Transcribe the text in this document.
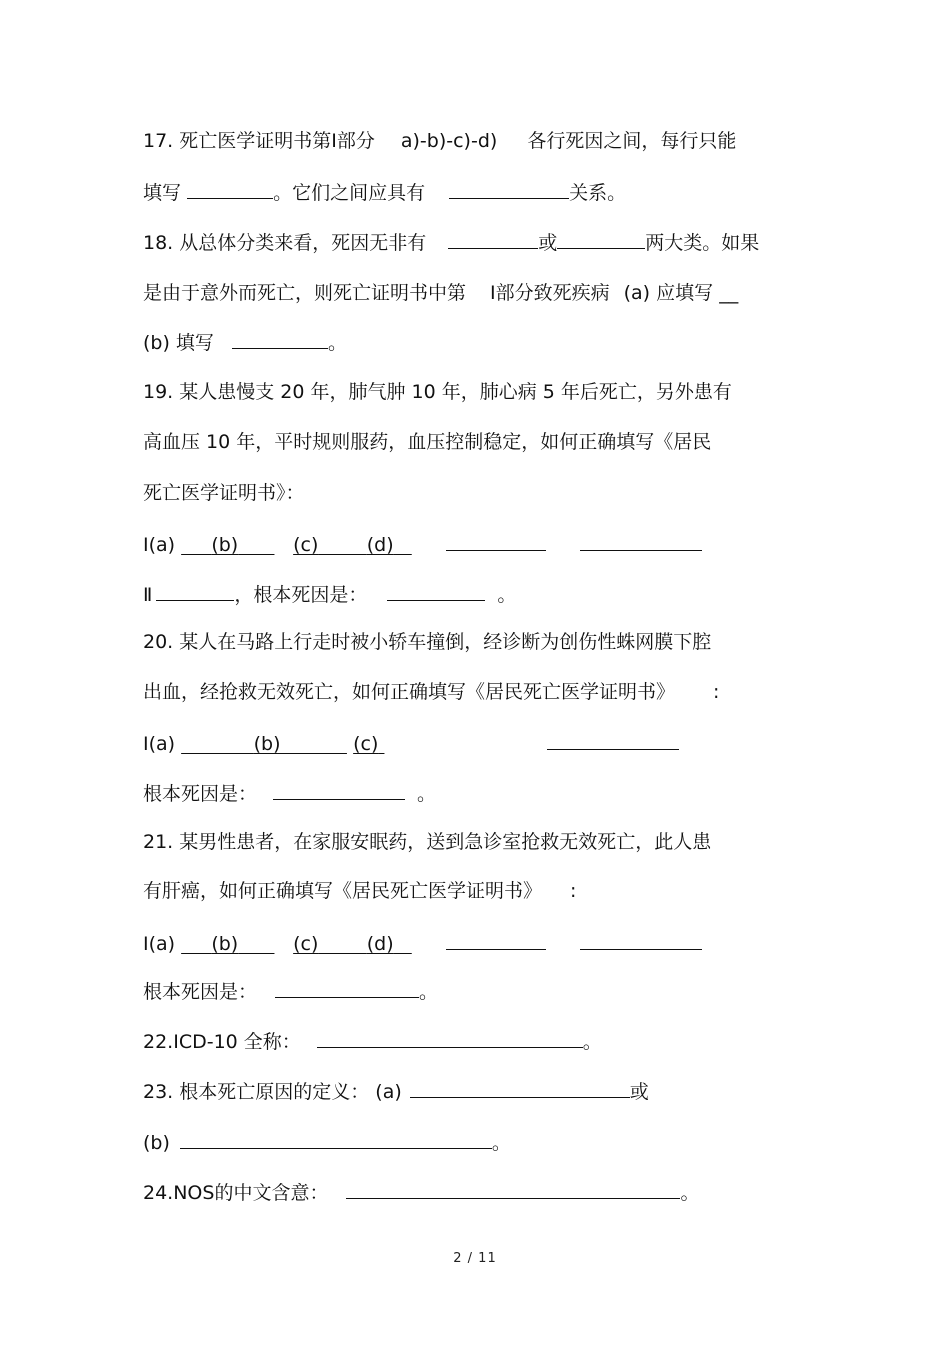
17. 死亡医学证明书第Ⅰ部分 a)-b)-c)-d) 各行死因之间，每行只能
填写	。它们之间应具有	关系。
18. 从总体分类来看，死因无非有	或	两大类。如果
是由于意外而死亡，则死亡证明书中第 Ⅰ部分致死疾病 (a) 应填写 __
(b) 填写	。
19. 某人患慢支 20 年，肺气肿 10 年，肺心病 5 年后死亡，另外患有
高血压 10 年，平时规则服药，血压控制稳定，如何正确填写《居民
死亡医学证明书》：
Ⅰ(a) (b)	(c)	(d)
Ⅱ	，根本死因是：	。
20. 某人在马路上行走时被小轿车撞倒，经诊断为创伤性蛛网膜下腔
出血，经抢救无效死亡，如何正确填写《居民死亡医学证明书》 :
Ⅰ(a)	(b)	(c)
根本死因是：	。
21. 某男性患者，在家服安眠药，送到急诊室抢救无效死亡，此人患
有肝癌，如何正确填写《居民死亡医学证明书》 :
Ⅰ(a) (b)	(c)	(d)
根本死因是：	。
22.ICD-10 全称：	。
23. 根本死亡原因的定义： (a)	或
(b)	。
24.NOS的中文含意：	。
2 / 11
